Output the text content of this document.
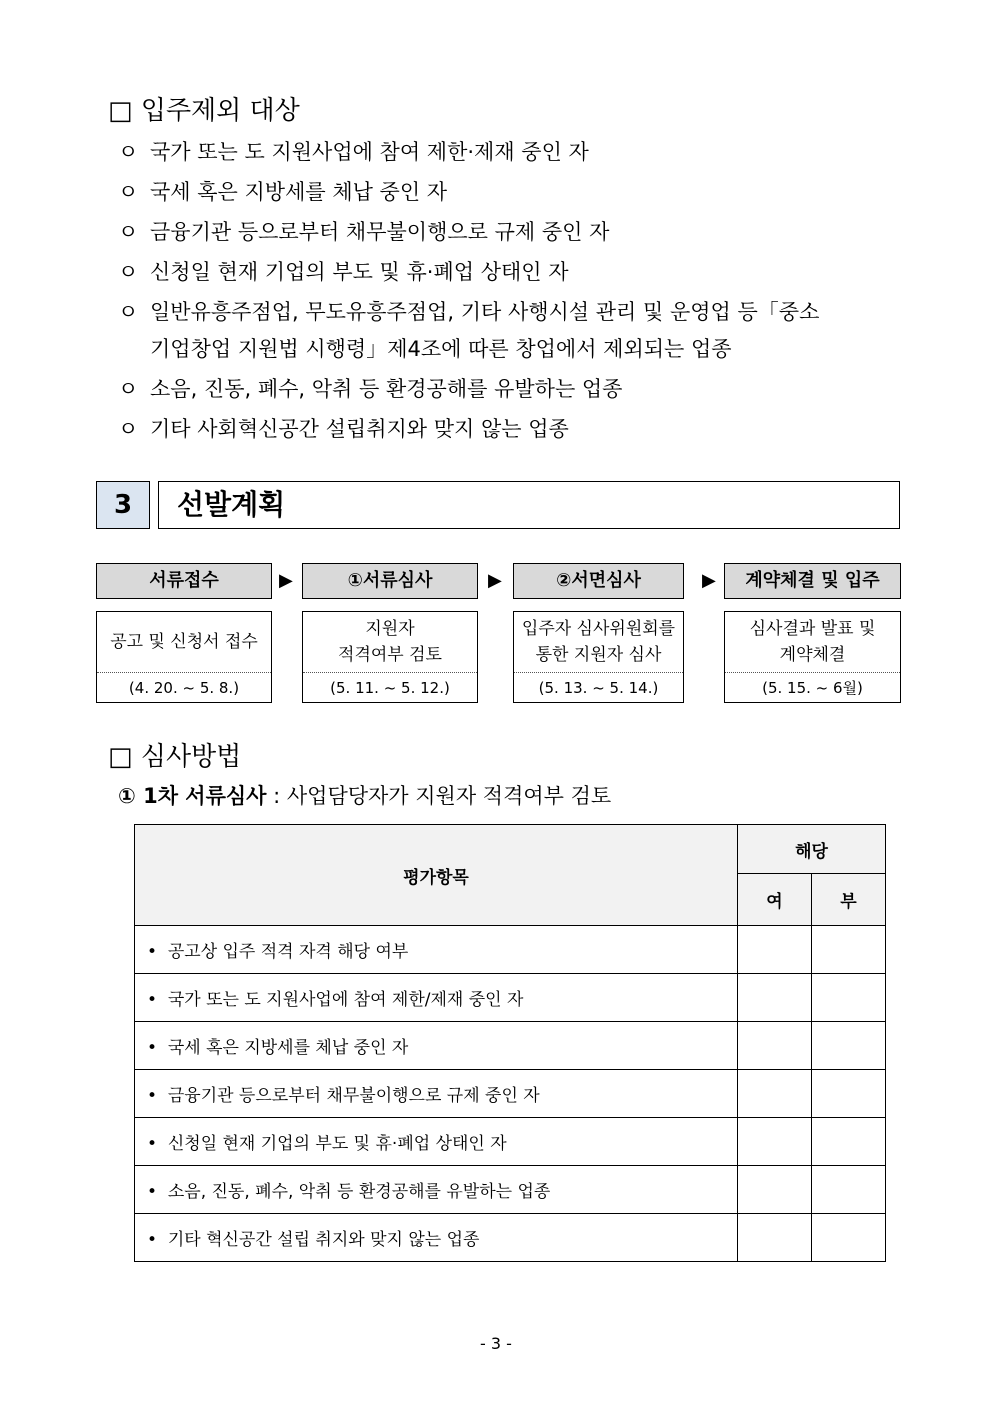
□ 입주제외 대상
ㅇ 국가 또는 도 지원사업에 참여 제한·제재 중인 자
ㅇ 국세 혹은 지방세를 체납 중인 자
ㅇ 금융기관 등으로부터 채무불이행으로 규제 중인 자
ㅇ 신청일 현재 기업의 부도 및 휴·폐업 상태인 자
ㅇ 일반유흥주점업, 무도유흥주점업, 기타 사행시설 관리 및 운영업 등「중소
기업창업 지원법 시행령」제4조에 따른 창업에서 제외되는 업종
ㅇ 소음, 진동, 폐수, 악취 등 환경공해를 유발하는 업종
ㅇ 기타 사회혁신공간 설립취지와 맞지 않는 업종
3	선발계획
서류접수	▶	①서류심사	▶	②서면심사	▶	계약체결 및 입주
공고 및 신청서 접수
(4. 20. ~ 5. 8.)
지원자
적격여부 검토
(5. 11. ~ 5. 12.)
입주자 심사위원회를
통한 지원자 심사
(5. 13. ~ 5. 14.)
심사결과 발표 및
계약체결
(5. 15. ~ 6월)
□ 심사방법
① 1차 서류심사 : 사업담당자가 지원자 적격여부 검토
평가항목	해당	
	여	부
• 공고상 입주 적격 자격 해당 여부		
• 국가 또는 도 지원사업에 참여 제한/제재 중인 자		
• 국세 혹은 지방세를 체납 중인 자		
• 금융기관 등으로부터 채무불이행으로 규제 중인 자		
• 신청일 현재 기업의 부도 및 휴·폐업 상태인 자		
• 소음, 진동, 폐수, 악취 등 환경공해를 유발하는 업종		
• 기타 혁신공간 설립 취지와 맞지 않는 업종		
- 3 -
